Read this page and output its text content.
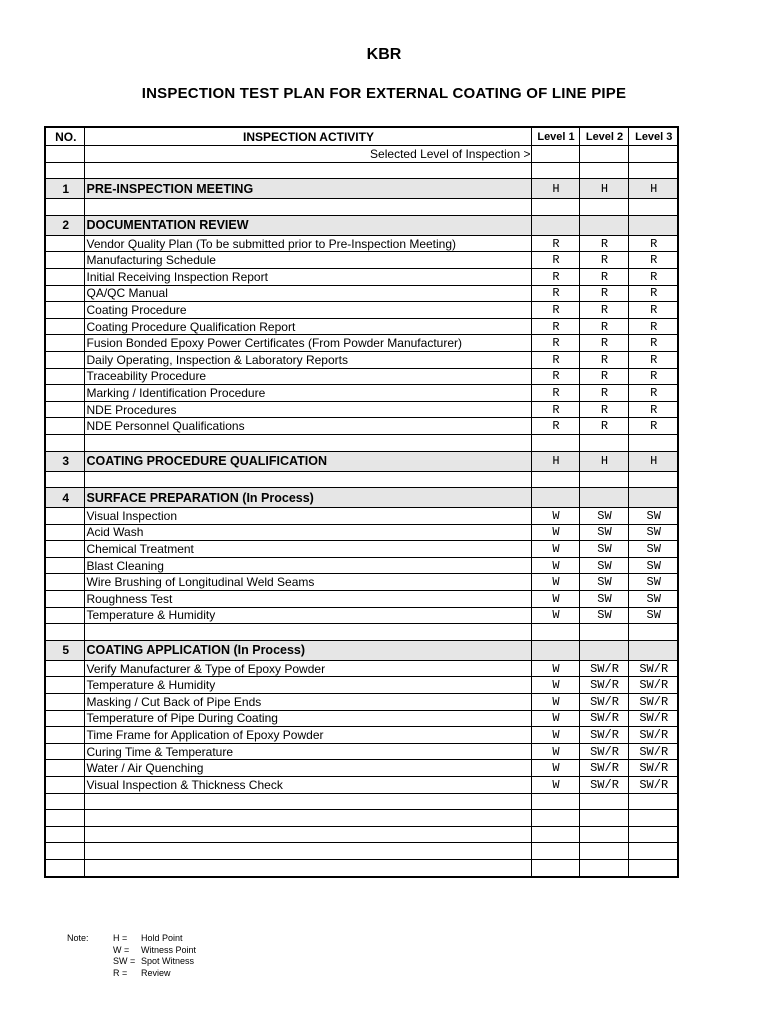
KBR
INSPECTION TEST PLAN FOR EXTERNAL COATING OF LINE PIPE
NO.	INSPECTION ACTIVITY	Level 1	Level 2	Level 3
	Selected Level of Inspection >			

1	PRE-INSPECTION MEETING	H	H	H

2	DOCUMENTATION REVIEW			
	Vendor Quality Plan (To be submitted prior to Pre-Inspection Meeting)	R	R	R
	Manufacturing Schedule	R	R	R
	Initial Receiving Inspection Report	R	R	R
	QA/QC Manual	R	R	R
	Coating Procedure	R	R	R
	Coating Procedure Qualification Report	R	R	R
	Fusion Bonded Epoxy Power Certificates (From Powder Manufacturer)	R	R	R
	Daily Operating, Inspection & Laboratory Reports	R	R	R
	Traceability Procedure	R	R	R
	Marking / Identification Procedure	R	R	R
	NDE Procedures	R	R	R
	NDE Personnel Qualifications	R	R	R

3	COATING PROCEDURE QUALIFICATION	H	H	H

4	SURFACE PREPARATION (In Process)			
	Visual Inspection	W	SW	SW
	Acid Wash	W	SW	SW
	Chemical Treatment	W	SW	SW
	Blast Cleaning	W	SW	SW
	Wire Brushing of Longitudinal Weld Seams	W	SW	SW
	Roughness Test	W	SW	SW
	Temperature & Humidity	W	SW	SW

5	COATING APPLICATION (In Process)			
	Verify Manufacturer & Type of Epoxy Powder	W	SW/R	SW/R
	Temperature & Humidity	W	SW/R	SW/R
	Masking / Cut Back of Pipe Ends	W	SW/R	SW/R
	Temperature of Pipe During Coating	W	SW/R	SW/R
	Time Frame for Application of Epoxy Powder	W	SW/R	SW/R
	Curing Time & Temperature	W	SW/R	SW/R
	Water / Air Quenching	W	SW/R	SW/R
	Visual Inspection & Thickness Check	W	SW/R	SW/R

Note:	H = Hold Point
W = Witness Point
SW = Spot Witness
R = Review
